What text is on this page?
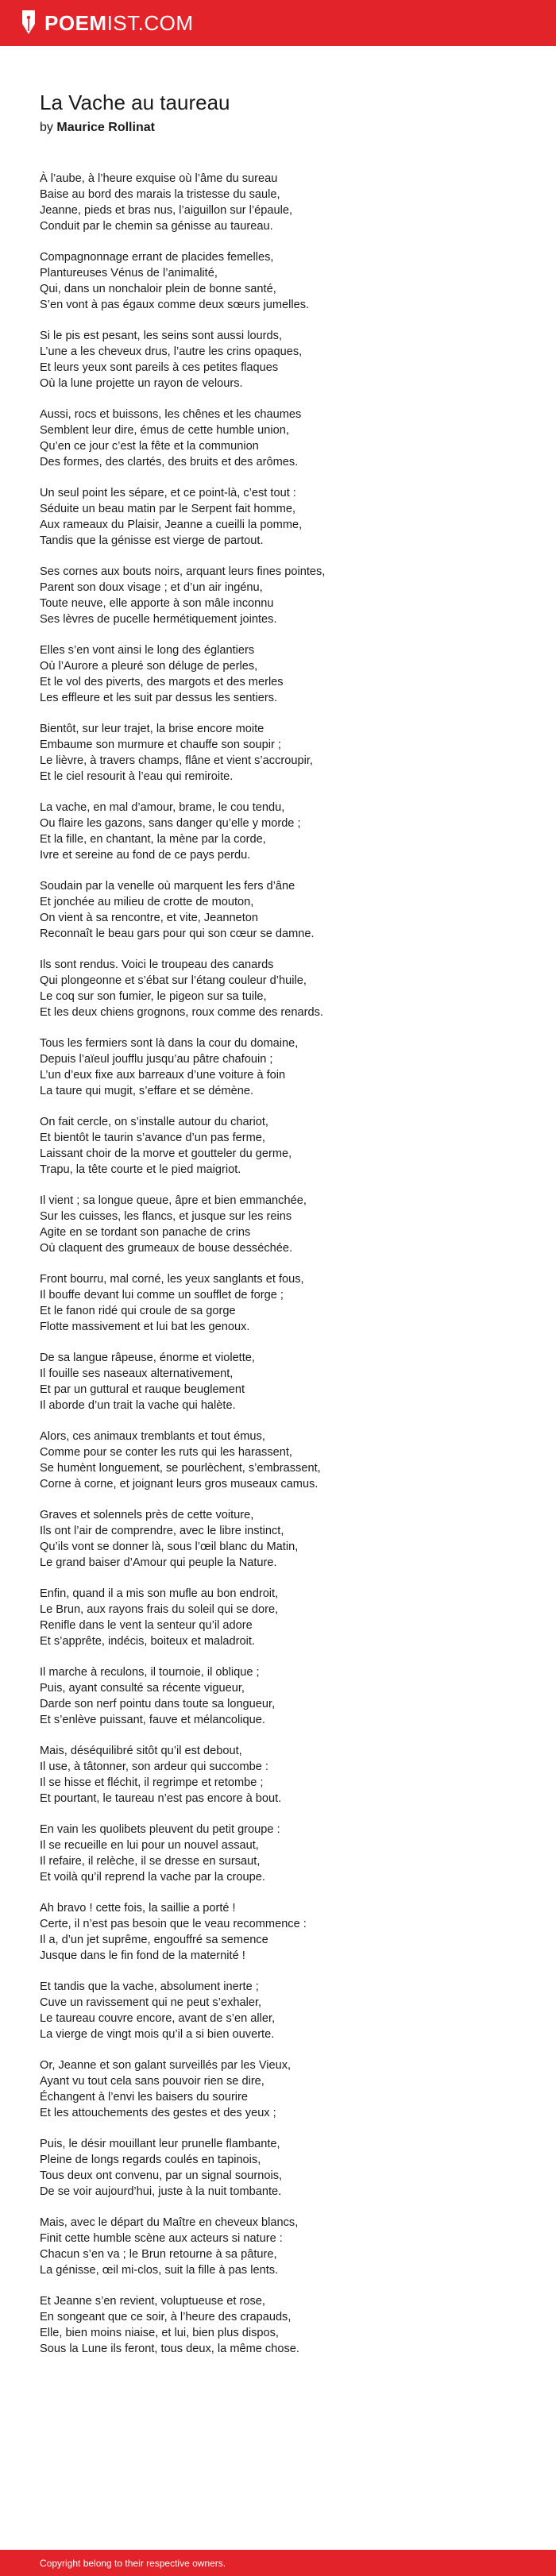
POEMIST.COM
La Vache au taureau

by Maurice Rollinat

À l’aube, à l’heure exquise où l’âme du sureau
Baise au bord des marais la tristesse du saule,
Jeanne, pieds et bras nus, l’aiguillon sur l’épaule,
Conduit par le chemin sa génisse au taureau.

Compagnonnage errant de placides femelles,
Plantureuses Vénus de l’animalité,
Qui, dans un nonchaloir plein de bonne santé,
S’en vont à pas égaux comme deux sœurs jumelles.

Si le pis est pesant, les seins sont aussi lourds,
L’une a les cheveux drus, l’autre les crins opaques,
Et leurs yeux sont pareils à ces petites flaques
Où la lune projette un rayon de velours.

Aussi, rocs et buissons, les chênes et les chaumes
Semblent leur dire, émus de cette humble union,
Qu’en ce jour c’est la fête et la communion
Des formes, des clartés, des bruits et des arômes.

Un seul point les sépare, et ce point-là, c’est tout :
Séduite un beau matin par le Serpent fait homme,
Aux rameaux du Plaisir, Jeanne a cueilli la pomme,
Tandis que la génisse est vierge de partout.

Ses cornes aux bouts noirs, arquant leurs fines pointes,
Parent son doux visage ; et d’un air ingénu,
Toute neuve, elle apporte à son mâle inconnu
Ses lèvres de pucelle hermétiquement jointes.

Elles s’en vont ainsi le long des églantiers
Où l’Aurore a pleuré son déluge de perles,
Et le vol des piverts, des margots et des merles
Les effleure et les suit par dessus les sentiers.

Bientôt, sur leur trajet, la brise encore moite
Embaume son murmure et chauffe son soupir ;
Le lièvre, à travers champs, flâne et vient s’accroupir,
Et le ciel resourit à l’eau qui remiroite.

La vache, en mal d’amour, brame, le cou tendu,
Ou flaire les gazons, sans danger qu’elle y morde ;
Et la fille, en chantant, la mène par la corde,
Ivre et sereine au fond de ce pays perdu.

Soudain par la venelle où marquent les fers d’âne
Et jonchée au milieu de crotte de mouton,
On vient à sa rencontre, et vite, Jeanneton
Reconnaît le beau gars pour qui son cœur se damne.

Ils sont rendus. Voici le troupeau des canards
Qui plongeonne et s’ébat sur l’étang couleur d’huile,
Le coq sur son fumier, le pigeon sur sa tuile,
Et les deux chiens grognons, roux comme des renards.

Tous les fermiers sont là dans la cour du domaine,
Depuis l’aïeul joufflu jusqu’au pâtre chafouin ;
L’un d’eux fixe aux barreaux d’une voiture à foin
La taure qui mugit, s’effare et se démène.

On fait cercle, on s’installe autour du chariot,
Et bientôt le taurin s’avance d’un pas ferme,
Laissant choir de la morve et goutteler du germe,
Trapu, la tête courte et le pied maigriot.

Il vient ; sa longue queue, âpre et bien emmanchée,
Sur les cuisses, les flancs, et jusque sur les reins
Agite en se tordant son panache de crins
Où claquent des grumeaux de bouse desséchée.

Front bourru, mal corné, les yeux sanglants et fous,
Il bouffe devant lui comme un soufflet de forge ;
Et le fanon ridé qui croule de sa gorge
Flotte massivement et lui bat les genoux.

De sa langue râpeuse, énorme et violette,
Il fouille ses naseaux alternativement,
Et par un guttural et rauque beuglement
Il aborde d’un trait la vache qui halète.

Alors, ces animaux tremblants et tout émus,
Comme pour se conter les ruts qui les harassent,
Se humènt longuement, se pourlèchent, s’embrassent,
Corne à corne, et joignant leurs gros museaux camus.

Graves et solennels près de cette voiture,
Ils ont l’air de comprendre, avec le libre instinct,
Qu’ils vont se donner là, sous l’œil blanc du Matin,
Le grand baiser d’Amour qui peuple la Nature.

Enfin, quand il a mis son mufle au bon endroit,
Le Brun, aux rayons frais du soleil qui se dore,
Renifle dans le vent la senteur qu’il adore
Et s’apprête, indécis, boiteux et maladroit.

Il marche à reculons, il tournoie, il oblique ;
Puis, ayant consulté sa récente vigueur,
Darde son nerf pointu dans toute sa longueur,
Et s’enlève puissant, fauve et mélancolique.

Mais, déséquilibré sitôt qu’il est debout,
Il use, à tâtonner, son ardeur qui succombe :
Il se hisse et fléchit, il regrimpe et retombe ;
Et pourtant, le taureau n’est pas encore à bout.

En vain les quolibets pleuvent du petit groupe :
Il se recueille en lui pour un nouvel assaut,
Il refaire, il relèche, il se dresse en sursaut,
Et voilà qu’il reprend la vache par la croupe.

Ah bravo ! cette fois, la saillie a porté !
Certe, il n’est pas besoin que le veau recommence :
Il a, d’un jet suprême, engouffré sa semence
Jusque dans le fin fond de la maternité !

Et tandis que la vache, absolument inerte ;
Cuve un ravissement qui ne peut s’exhaler,
Le taureau couvre encore, avant de s’en aller,
La vierge de vingt mois qu’il a si bien ouverte.

Or, Jeanne et son galant surveillés par les Vieux,
Ayant vu tout cela sans pouvoir rien se dire,
Échangent à l’envi les baisers du sourire
Et les attouchements des gestes et des yeux ;

Puis, le désir mouillant leur prunelle flambante,
Pleine de longs regards coulés en tapinois,
Tous deux ont convenu, par un signal sournois,
De se voir aujourd’hui, juste à la nuit tombante.

Mais, avec le départ du Maître en cheveux blancs,
Finit cette humble scène aux acteurs si nature :
Chacun s’en va ; le Brun retourne à sa pâture,
La génisse, œil mi-clos, suit la fille à pas lents.

Et Jeanne s’en revient, voluptueuse et rose,
En songeant que ce soir, à l’heure des crapauds,
Elle, bien moins niaise, et lui, bien plus dispos,
Sous la Lune ils feront, tous deux, la même chose.

Copyright belong to their respective owners.
